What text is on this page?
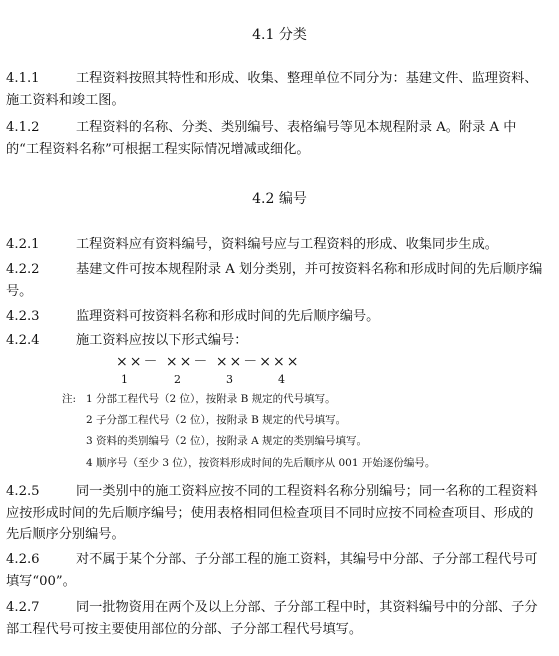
4.1 分类

4.1.1	工程资料按照其特性和形成、收集、整理单位不同分为：基建文件、监理资料、施工资料和竣工图。

4.1.2	工程资料的名称、分类、类别编号、表格编号等见本规程附录 A。附录 A 中的“工程资料名称”可根据工程实际情况增减或细化。

4.2 编号

4.2.1	工程资料应有资料编号，资料编号应与工程资料的形成、收集同步生成。

4.2.2	基建文件可按本规程附录 A 划分类别，并可按资料名称和形成时间的先后顺序编号。

4.2.3	监理资料可按资料名称和形成时间的先后顺序编号。

4.2.4	施工资料应按以下形式编号：

××－ ××－ ××－×××
1	2	3	4
注: 1 分部工程代号（2 位），按附录 B 规定的代号填写。
2 子分部工程代号（2 位），按附录 B 规定的代号填写。
3 资料的类别编号（2 位），按附录 A 规定的类别编号填写。
4 顺序号（至少 3 位），按资料形成时间的先后顺序从 001 开始逐份编号。

4.2.5	同一类别中的施工资料应按不同的工程资料名称分别编号；同一名称的工程资料应按形成时间的先后顺序编号；使用表格相同但检查项目不同时应按不同检查项目、形成的先后顺序分别编号。

4.2.6	对不属于某个分部、子分部工程的施工资料，其编号中分部、子分部工程代号可填写“00”。

4.2.7	同一批物资用在两个及以上分部、子分部工程中时，其资料编号中的分部、子分部工程代号可按主要使用部位的分部、子分部工程代号填写。
